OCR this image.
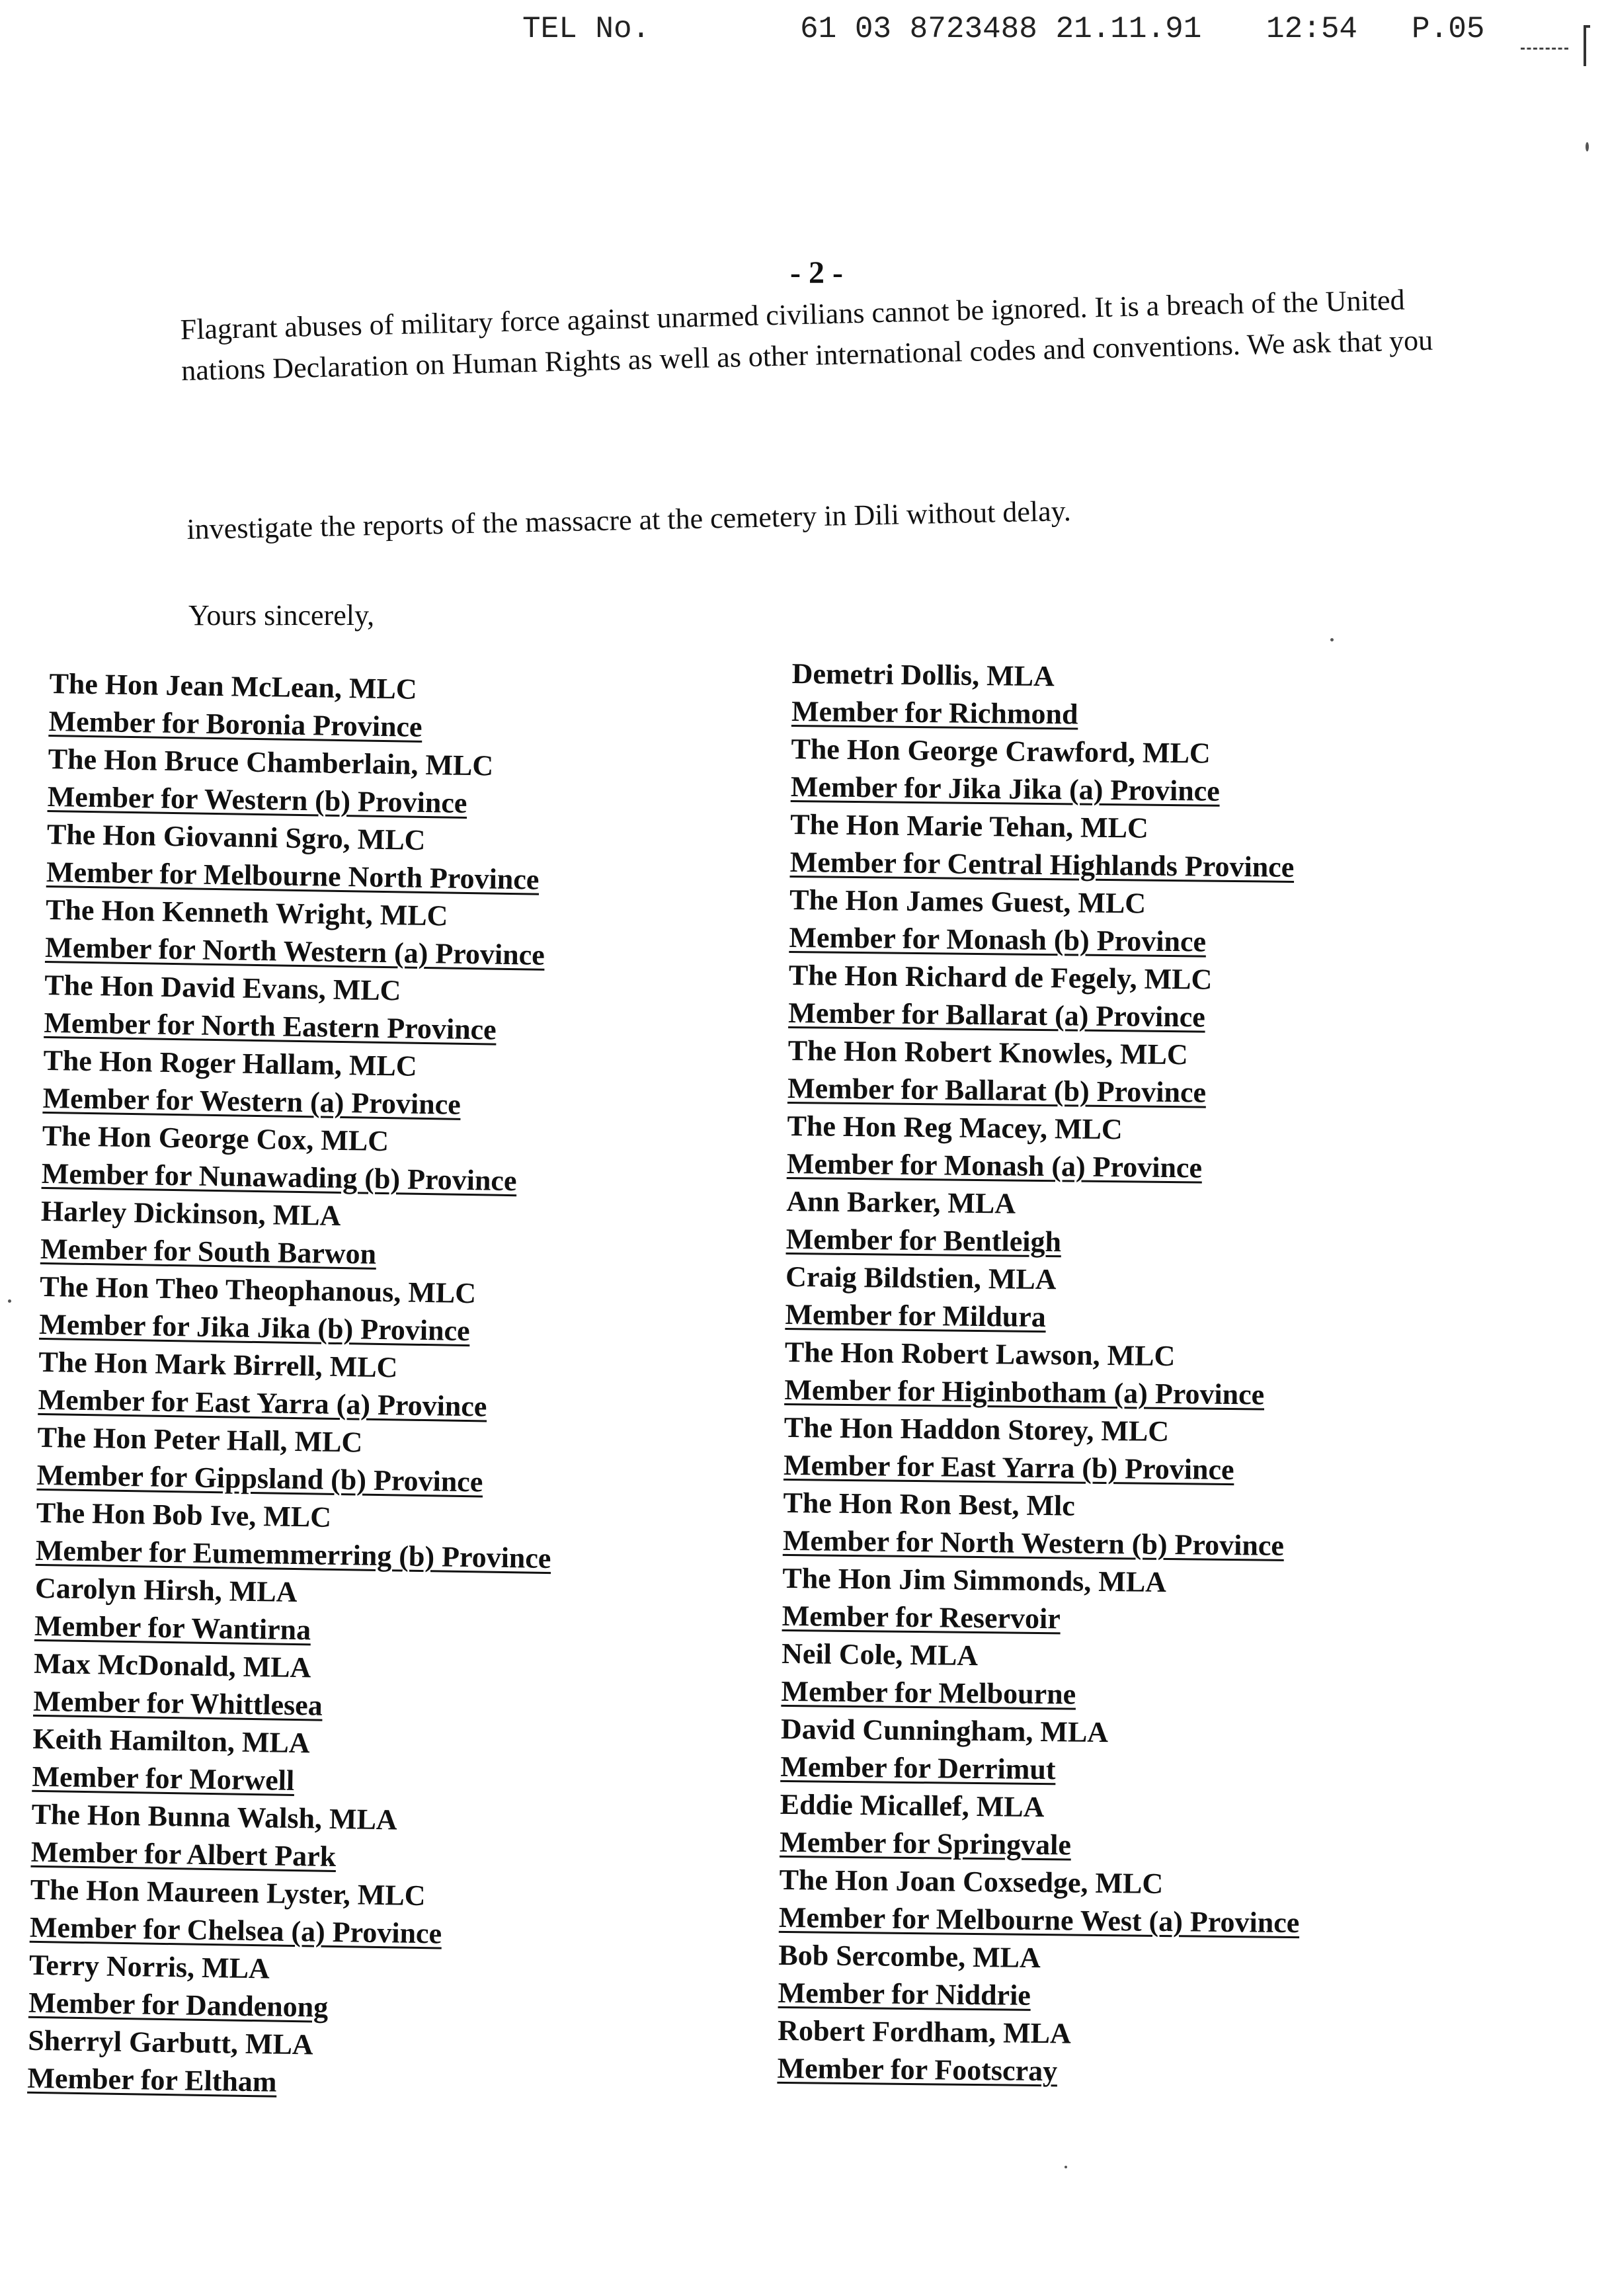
TEL No.	61 03 8723488 21.11.91 12:54 P.05
- 2 -

Flagrant abuses of military force against unarmed civilians cannot be ignored. It is a breach of the United nations Declaration on Human Rights as well as other international codes and conventions. We ask that you

investigate the reports of the massacre at the cemetery in Dili without delay.

Yours sincerely,

The Hon Jean McLean, MLC
Member for Boronia Province
The Hon Bruce Chamberlain, MLC
Member for Western (b) Province
The Hon Giovanni Sgro, MLC
Member for Melbourne North Province
The Hon Kenneth Wright, MLC
Member for North Western (a) Province
The Hon David Evans, MLC
Member for North Eastern Province
The Hon Roger Hallam, MLC
Member for Western (a) Province
The Hon George Cox, MLC
Member for Nunawading (b) Province
Harley Dickinson, MLA
Member for South Barwon
The Hon Theo Theophanous, MLC
Member for Jika Jika (b) Province
The Hon Mark Birrell, MLC
Member for East Yarra (a) Province
The Hon Peter Hall, MLC
Member for Gippsland (b) Province
The Hon Bob Ive, MLC
Member for Eumemmerring (b) Province
Carolyn Hirsh, MLA
Member for Wantirna
Max McDonald, MLA
Member for Whittlesea
Keith Hamilton, MLA
Member for Morwell
The Hon Bunna Walsh, MLA
Member for Albert Park
The Hon Maureen Lyster, MLC
Member for Chelsea (a) Province
Terry Norris, MLA
Member for Dandenong
Sherryl Garbutt, MLA
Member for Eltham
Demetri Dollis, MLA
Member for Richmond
The Hon George Crawford, MLC
Member for Jika Jika (a) Province
The Hon Marie Tehan, MLC
Member for Central Highlands Province
The Hon James Guest, MLC
Member for Monash (b) Province
The Hon Richard de Fegely, MLC
Member for Ballarat (a) Province
The Hon Robert Knowles, MLC
Member for Ballarat (b) Province
The Hon Reg Macey, MLC
Member for Monash (a) Province
Ann Barker, MLA
Member for Bentleigh
Craig Bildstien, MLA
Member for Mildura
The Hon Robert Lawson, MLC
Member for Higinbotham (a) Province
The Hon Haddon Storey, MLC
Member for East Yarra (b) Province
The Hon Ron Best, Mlc
Member for North Western (b) Province
The Hon Jim Simmonds, MLA
Member for Reservoir
Neil Cole, MLA
Member for Melbourne
David Cunningham, MLA
Member for Derrimut
Eddie Micallef, MLA
Member for Springvale
The Hon Joan Coxsedge, MLC
Member for Melbourne West (a) Province
Bob Sercombe, MLA
Member for Niddrie
Robert Fordham, MLA
Member for Footscray
